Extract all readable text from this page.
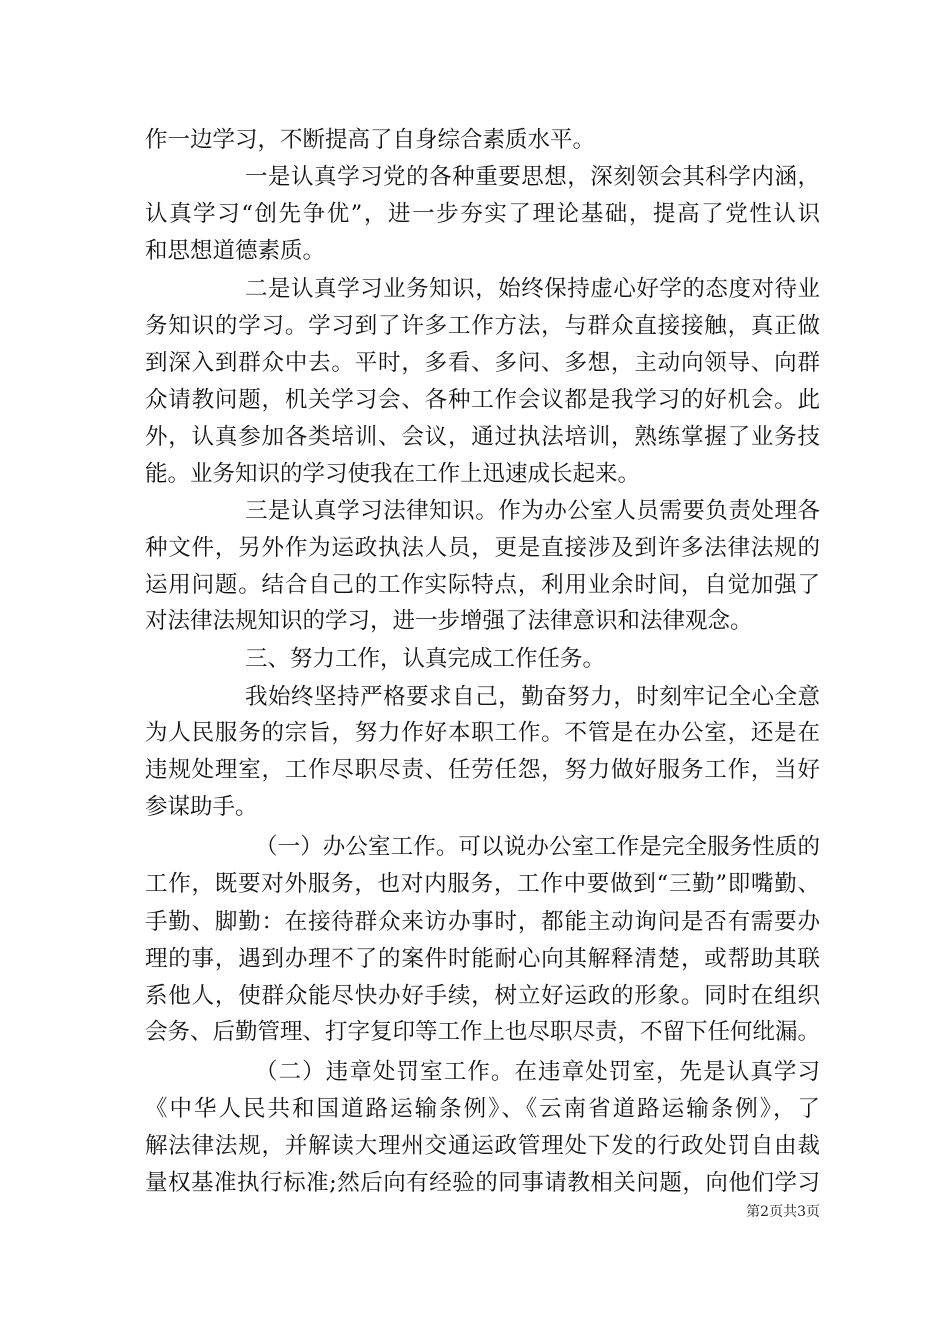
作一边学习，不断提高了自身综合素质水平。
一是认真学习党的各种重要思想，深刻领会其科学内涵，
认真学习“创先争优”，进一步夯实了理论基础，提高了党性认识
和思想道德素质。
二是认真学习业务知识，始终保持虚心好学的态度对待业
务知识的学习。学习到了许多工作方法，与群众直接接触，真正做
到深入到群众中去。平时，多看、多问、多想，主动向领导、向群
众请教问题，机关学习会、各种工作会议都是我学习的好机会。此
外，认真参加各类培训、会议，通过执法培训，熟练掌握了业务技
能。业务知识的学习使我在工作上迅速成长起来。
三是认真学习法律知识。作为办公室人员需要负责处理各
种文件，另外作为运政执法人员，更是直接涉及到许多法律法规的
运用问题。结合自己的工作实际特点，利用业余时间，自觉加强了
对法律法规知识的学习，进一步增强了法律意识和法律观念。
三、努力工作，认真完成工作任务。
我始终坚持严格要求自己，勤奋努力，时刻牢记全心全意
为人民服务的宗旨，努力作好本职工作。不管是在办公室，还是在
违规处理室，工作尽职尽责、任劳任怨，努力做好服务工作，当好
参谋助手。
（一）办公室工作。可以说办公室工作是完全服务性质的
工作，既要对外服务，也对内服务，工作中要做到“三勤”即嘴勤、
手勤、脚勤：在接待群众来访办事时，都能主动询问是否有需要办
理的事，遇到办理不了的案件时能耐心向其解释清楚，或帮助其联
系他人，使群众能尽快办好手续，树立好运政的形象。同时在组织
会务、后勤管理、打字复印等工作上也尽职尽责，不留下任何纰漏。
（二）违章处罚室工作。在违章处罚室，先是认真学习
《中华人民共和国道路运输条例》、《云南省道路运输条例》，了
解法律法规，并解读大理州交通运政管理处下发的行政处罚自由裁
量权基准执行标准;然后向有经验的同事请教相关问题，向他们学习
第2页共3页
